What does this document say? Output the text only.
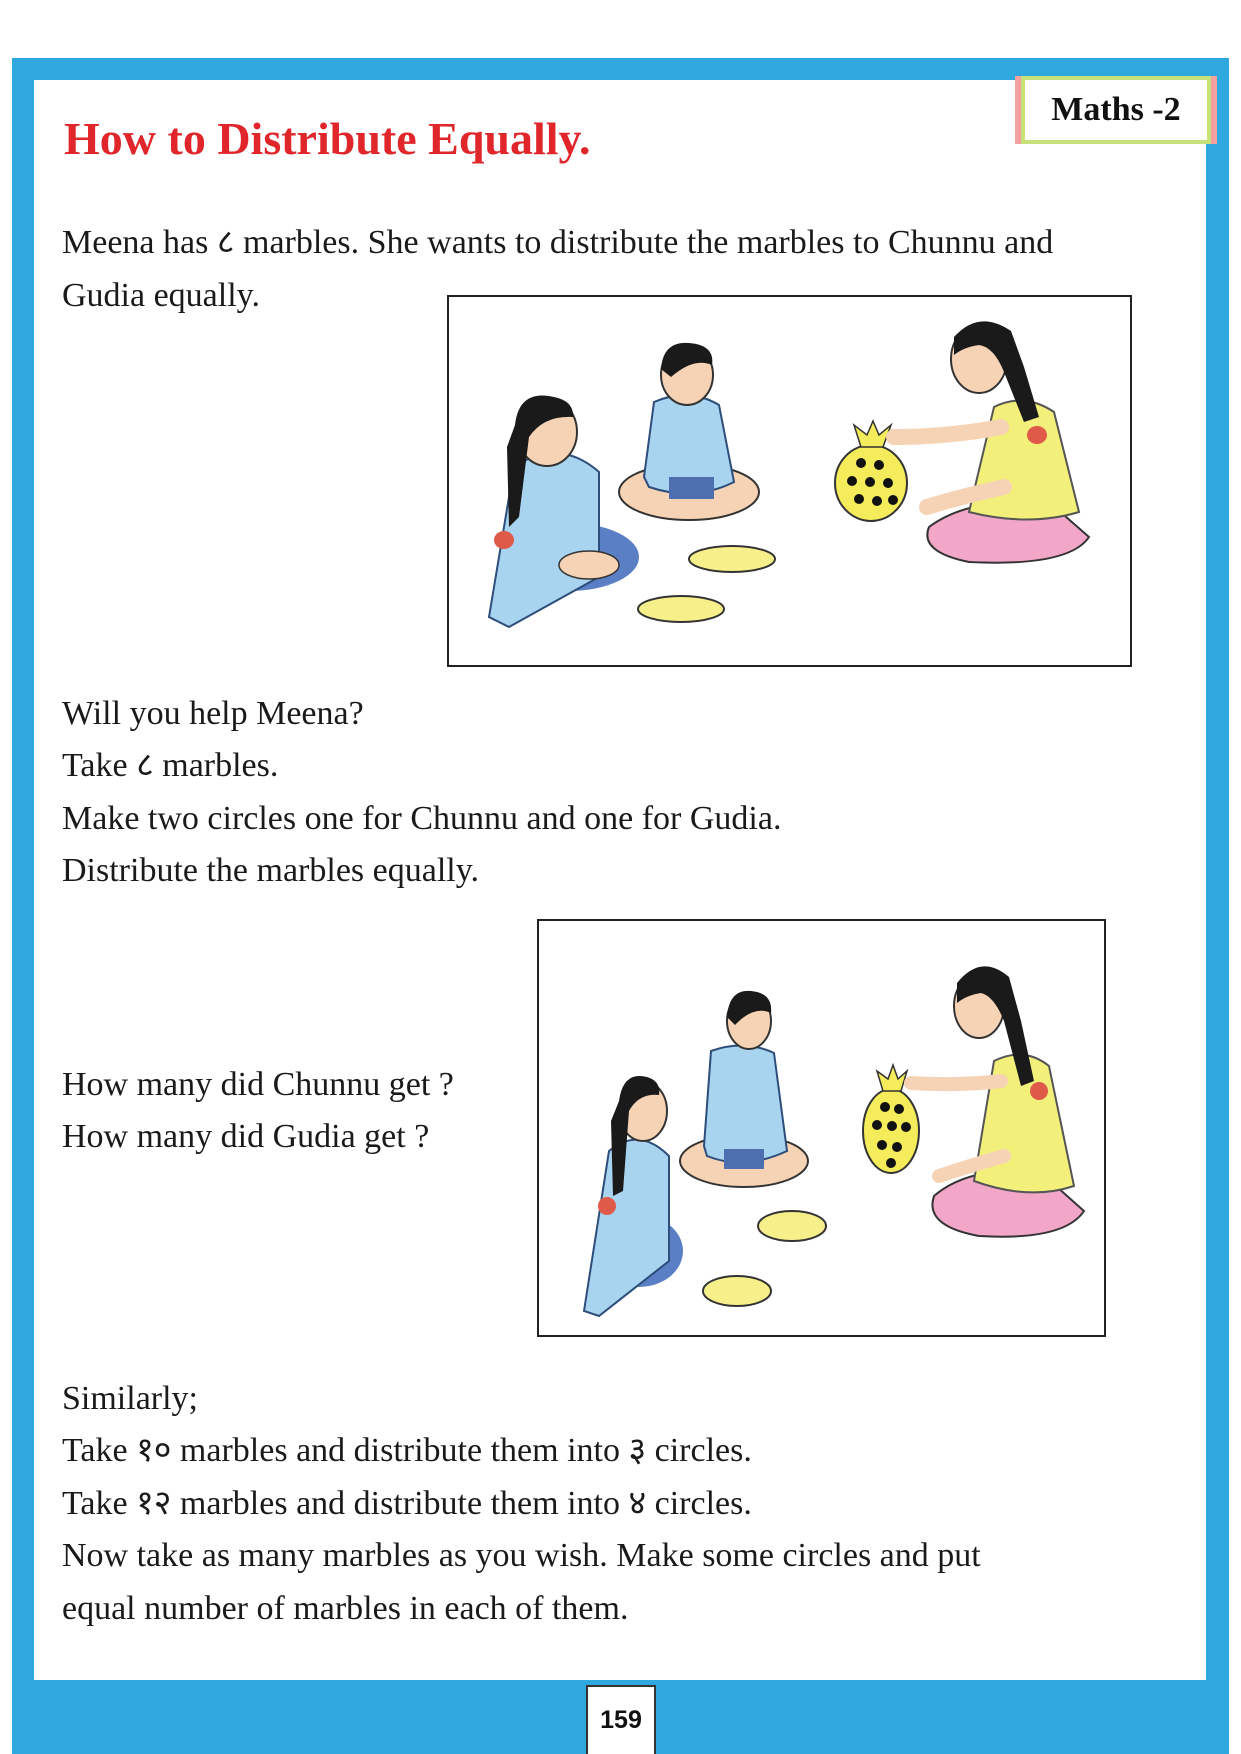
Maths -2
How to Distribute Equally.
Meena has ८ marbles. She wants to distribute the marbles to Chunnu and
Gudia equally.
Will you help Meena?
Take ८ marbles.
Make two circles one for Chunnu and one for Gudia.
Distribute the marbles equally.
How many did Chunnu get ?
How many did Gudia get ?
Similarly;
Take १० marbles and distribute them into ३ circles.
Take १२ marbles and distribute them into ४ circles.
Now take as many marbles as you wish. Make some circles and put
equal number of marbles in each of them.
159
